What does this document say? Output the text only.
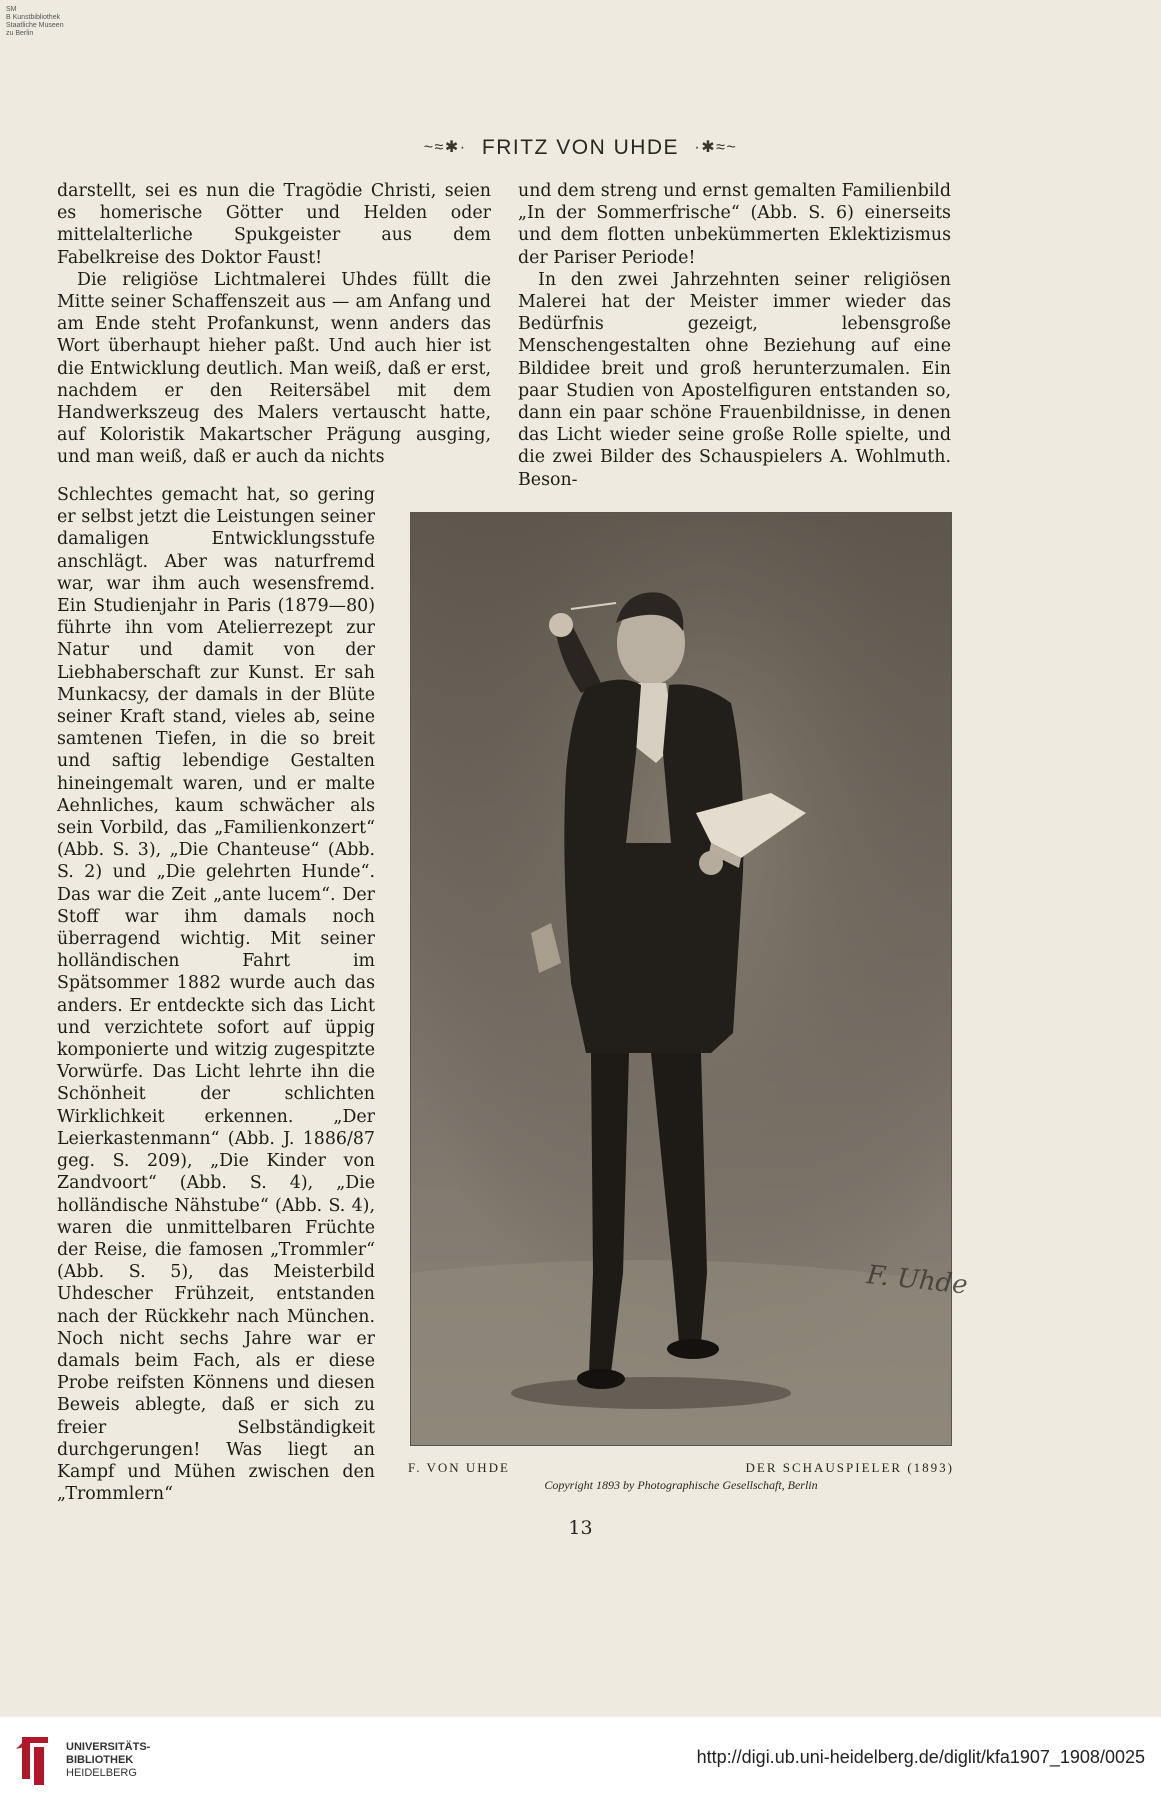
SM
B Kunstbibliothek
Staatliche Museen
zu Berlin
~≈✱· FRITZ VON UHDE ·✱≈~

darstellt, sei es nun die Tragödie Christi, seien es homerische Götter und Helden oder mittelalterliche Spukgeister aus dem Fabelkreise des Doktor Faust!

Die religiöse Lichtmalerei Uhdes füllt die Mitte seiner Schaffenszeit aus — am Anfang und am Ende steht Profankunst, wenn anders das Wort überhaupt hieher paßt. Und auch hier ist die Entwicklung deutlich. Man weiß, daß er erst, nachdem er den Reitersäbel mit dem Handwerkszeug des Malers vertauscht hatte, auf Koloristik Makartscher Prägung ausging, und man weiß, daß er auch da nichts

Schlechtes gemacht hat, so gering er selbst jetzt die Leistungen seiner damaligen Entwicklungsstufe anschlägt. Aber was naturfremd war, war ihm auch wesensfremd. Ein Studienjahr in Paris (1879—80) führte ihn vom Atelierrezept zur Natur und damit von der Liebhaberschaft zur Kunst. Er sah Munkacsy, der damals in der Blüte seiner Kraft stand, vieles ab, seine samtenen Tiefen, in die so breit und saftig lebendige Gestalten hineingemalt waren, und er malte Aehnliches, kaum schwächer als sein Vorbild, das „Familienkonzert“ (Abb. S. 3), „Die Chanteuse“ (Abb. S. 2) und „Die gelehrten Hunde“. Das war die Zeit „ante lucem“. Der Stoff war ihm damals noch überragend wichtig. Mit seiner holländischen Fahrt im Spätsommer 1882 wurde auch das anders. Er entdeckte sich das Licht und verzichtete sofort auf üppig komponierte und witzig zugespitzte Vorwürfe. Das Licht lehrte ihn die Schönheit der schlichten Wirklichkeit erkennen. „Der Leierkastenmann“ (Abb. J. 1886/87 geg. S. 209), „Die Kinder von Zandvoort“ (Abb. S. 4), „Die holländische Nähstube“ (Abb. S. 4), waren die unmittelbaren Früchte der Reise, die famosen „Trommler“ (Abb. S. 5), das Meisterbild Uhdescher Frühzeit, entstanden nach der Rückkehr nach München. Noch nicht sechs Jahre war er damals beim Fach, als er diese Probe reifsten Könnens und diesen Beweis ablegte, daß er sich zu freier Selbständigkeit durchgerungen! Was liegt an Kampf und Mühen zwischen den „Trommlern“

und dem streng und ernst gemalten Familienbild „In der Sommerfrische“ (Abb. S. 6) einerseits und dem flotten unbekümmerten Eklektizismus der Pariser Periode!

In den zwei Jahrzehnten seiner religiösen Malerei hat der Meister immer wieder das Bedürfnis gezeigt, lebensgroße Menschengestalten ohne Beziehung auf eine Bildidee breit und groß herunterzumalen. Ein paar Studien von Apostelfiguren entstanden so, dann ein paar schöne Frauenbildnisse, in denen das Licht wieder seine große Rolle spielte, und die zwei Bilder des Schauspielers A. Wohlmuth. Beson-

F. Uhde
F. VON UHDE	DER SCHAUSPIELER (1893)
Copyright 1893 by Photographische Gesellschaft, Berlin
13
UNIVERSITÄTS-
BIBLIOTHEK
HEIDELBERG
http://digi.ub.uni-heidelberg.de/diglit/kfa1907_1908/0025
